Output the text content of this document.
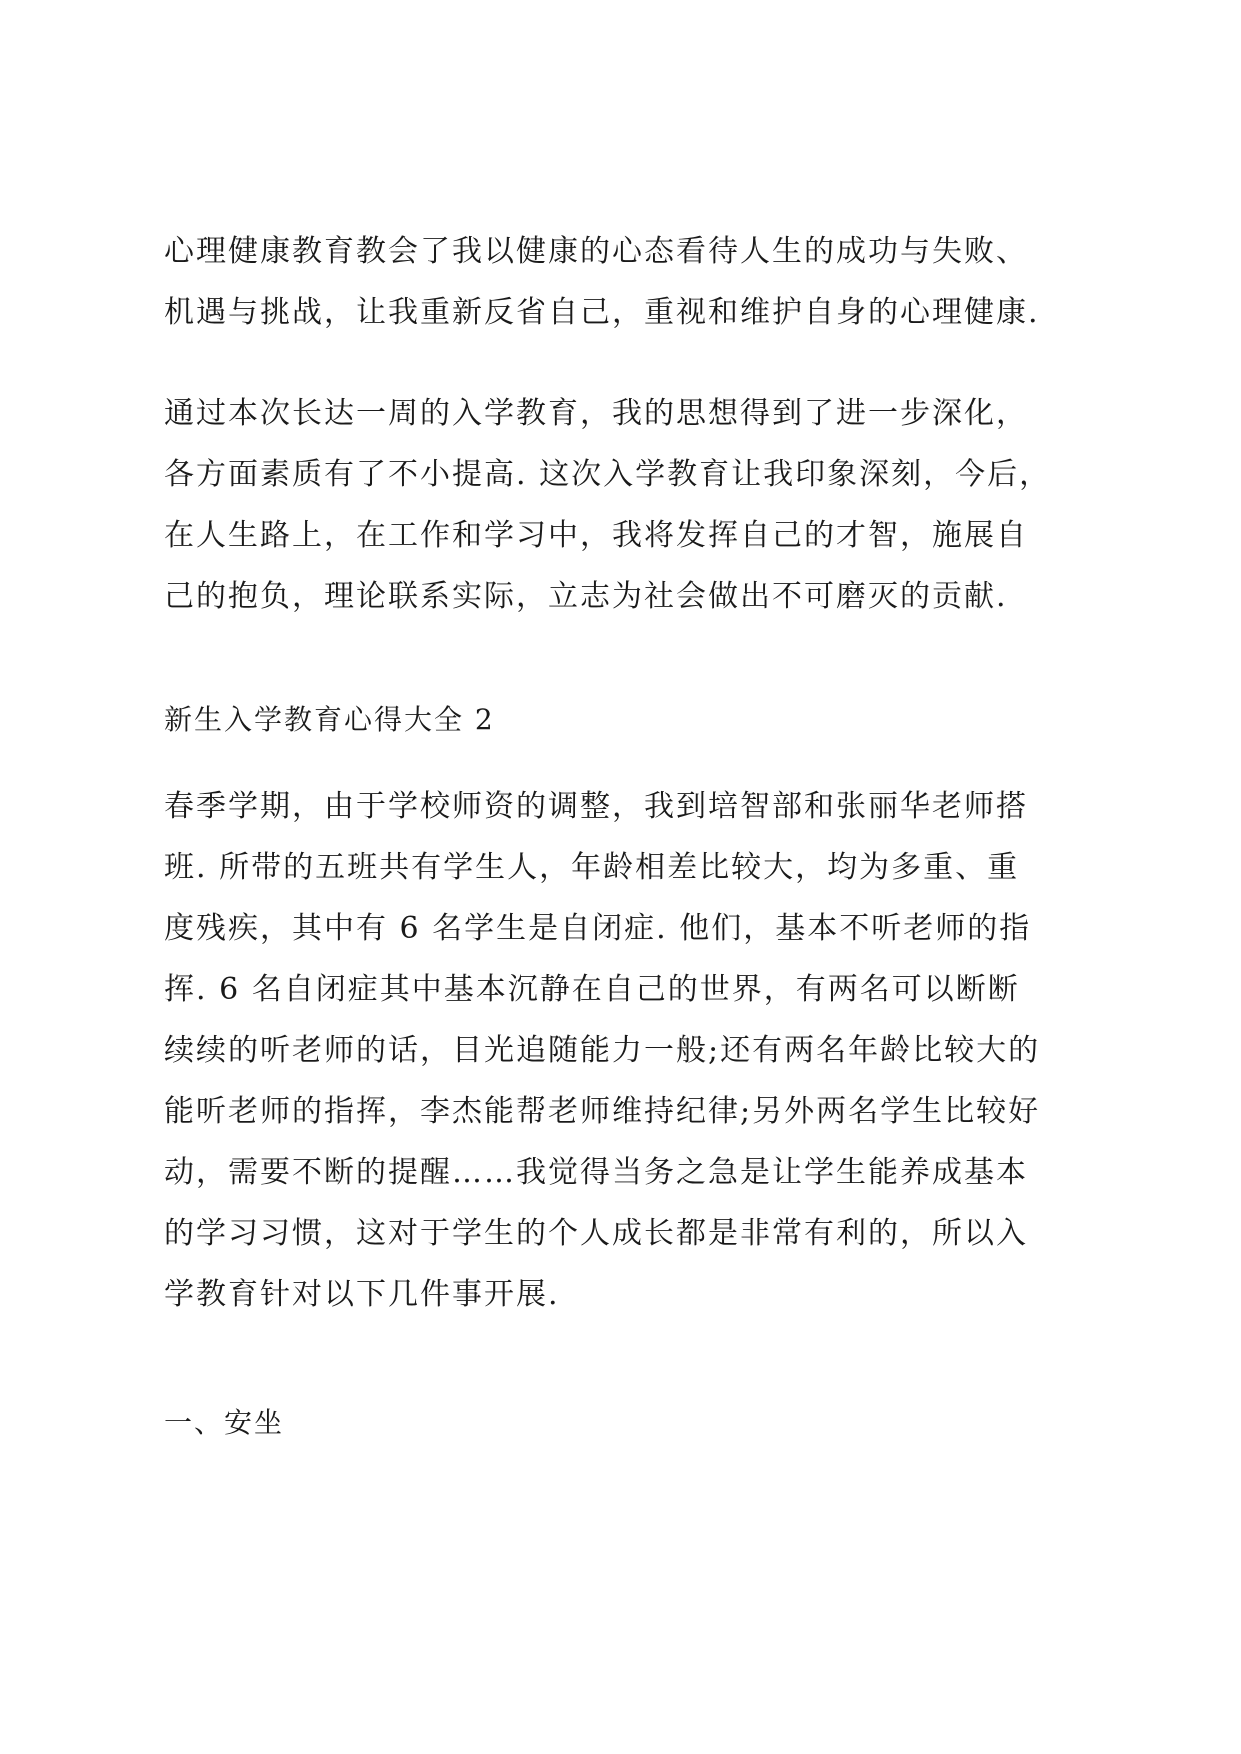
心理健康教育教会了我以健康的心态看待人生的成功与失败、
机遇与挑战，让我重新反省自己，重视和维护自身的心理健康.
通过本次长达一周的入学教育，我的思想得到了进一步深化，
各方面素质有了不小提高. 这次入学教育让我印象深刻，今后，
在人生路上，在工作和学习中，我将发挥自己的才智，施展自
己的抱负，理论联系实际，立志为社会做出不可磨灭的贡献.
新生入学教育心得大全 2
春季学期，由于学校师资的调整，我到培智部和张丽华老师搭
班. 所带的五班共有学生人，年龄相差比较大，均为多重、重
度残疾，其中有 6 名学生是自闭症. 他们，基本不听老师的指
挥. 6 名自闭症其中基本沉静在自己的世界，有两名可以断断
续续的听老师的话，目光追随能力一般;还有两名年龄比较大的
能听老师的指挥，李杰能帮老师维持纪律;另外两名学生比较好
动，需要不断的提醒……我觉得当务之急是让学生能养成基本
的学习习惯，这对于学生的个人成长都是非常有利的，所以入
学教育针对以下几件事开展.
一、安坐
